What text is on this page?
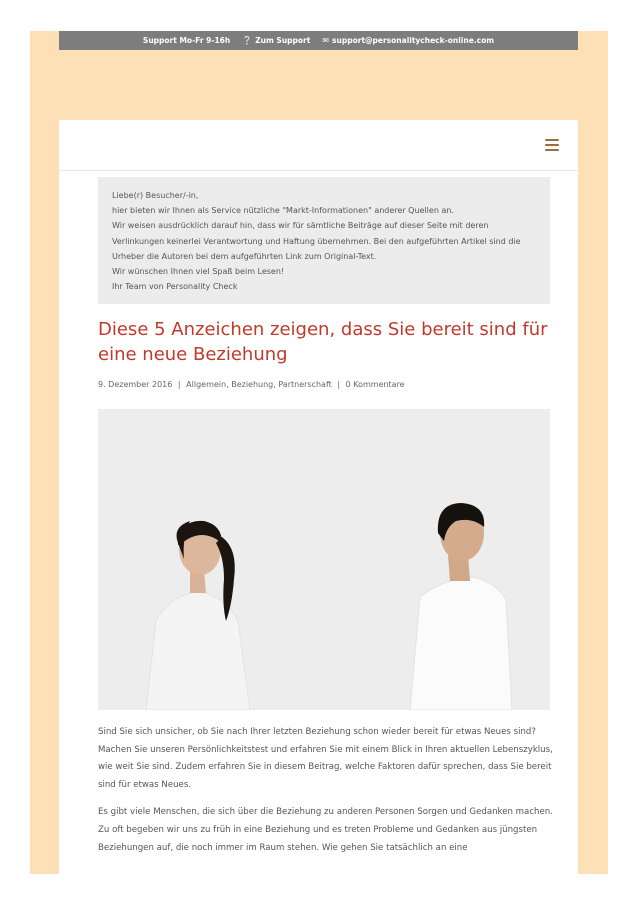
Support Mo-Fr 9-16h ❔ Zum Support ✉ support@personalitycheck-online.com

Liebe(r) Besucher/-in,

hier bieten wir Ihnen als Service nützliche "Markt-Informationen" anderer Quellen an.

Wir weisen ausdrücklich darauf hin, dass wir für sämtliche Beiträge auf dieser Seite mit deren

Verlinkungen keinerlei Verantwortung und Haftung übernehmen. Bei den aufgeführten Artikel sind die

Urheber die Autoren bei dem aufgeführten Link zum Original-Text.

Wir wünschen Ihnen viel Spaß beim Lesen!

Ihr Team von Personality Check

Diese 5 Anzeichen zeigen, dass Sie bereit sind für eine neue Beziehung
9. Dezember 2016 | Allgemein, Beziehung, Partnerschaft | 0 Kommentare

Sind Sie sich unsicher, ob Sie nach Ihrer letzten Beziehung schon wieder bereit für etwas Neues sind? Machen Sie unseren Persönlichkeitstest und erfahren Sie mit einem Blick in Ihren aktuellen Lebenszyklus, wie weit Sie sind. Zudem erfahren Sie in diesem Beitrag, welche Faktoren dafür sprechen, dass Sie bereit sind für etwas Neues.

Es gibt viele Menschen, die sich über die Beziehung zu anderen Personen Sorgen und Gedanken machen. Zu oft begeben wir uns zu früh in eine Beziehung und es treten Probleme und Gedanken aus jüngsten Beziehungen auf, die noch immer im Raum stehen. Wie gehen Sie tatsächlich an eine
